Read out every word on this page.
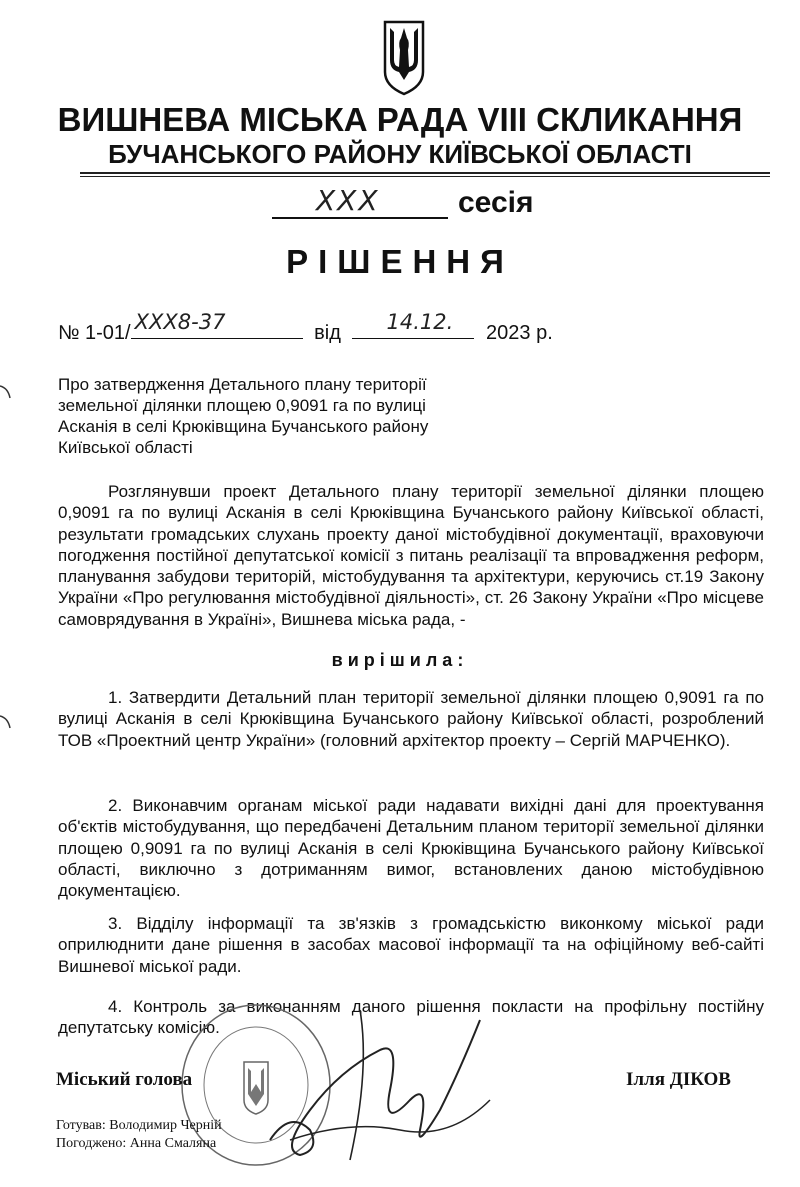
ВИШНЕВА МІСЬКА РАДА VIII СКЛИКАННЯ
БУЧАНСЬКОГО РАЙОНУ КИЇВСЬКОЇ ОБЛАСТІ
XXX	сесія
РІШЕННЯ
№ 1-01/ XXX8-37	від 14.12. 2023 р.
Про затвердження Детального плану території
земельної ділянки площею 0,9091 га по вулиці
Асканія в селі Крюківщина Бучанського району
Київської області
Розглянувши проект Детального плану території земельної ділянки площею 0,9091 га по вулиці Асканія в селі Крюківщина Бучанського району Київської області, результати громадських слухань проекту даної містобудівної документації, враховуючи погодження постійної депутатської комісії з питань реалізації та впровадження реформ, планування забудови територій, містобудування та архітектури, керуючись ст.19 Закону України «Про регулювання містобудівної діяльності», ст. 26 Закону України «Про місцеве самоврядування в Україні», Вишнева міська рада, -
вирішила:
1. Затвердити Детальний план території земельної ділянки площею 0,9091 га по вулиці Асканія в селі Крюківщина Бучанського району Київської області, розроблений ТОВ «Проектний центр України» (головний архітектор проекту – Сергій МАРЧЕНКО).
2. Виконавчим органам міської ради надавати вихідні дані для проектування об'єктів містобудування, що передбачені Детальним планом території земельної ділянки площею 0,9091 га по вулиці Асканія в селі Крюківщина Бучанського району Київської області, виключно з дотриманням вимог, встановлених даною містобудівною документацією.
3. Відділу інформації та зв'язків з громадськістю виконкому міської ради оприлюднити дане рішення в засобах масової інформації та на офіційному веб-сайті Вишневої міської ради.
4. Контроль за виконанням даного рішення покласти на профільну постійну депутатську комісію.
Міський голова	Ілля ДІКОВ
Готував: Володимир Черній
Погоджено: Анна Смалянa
